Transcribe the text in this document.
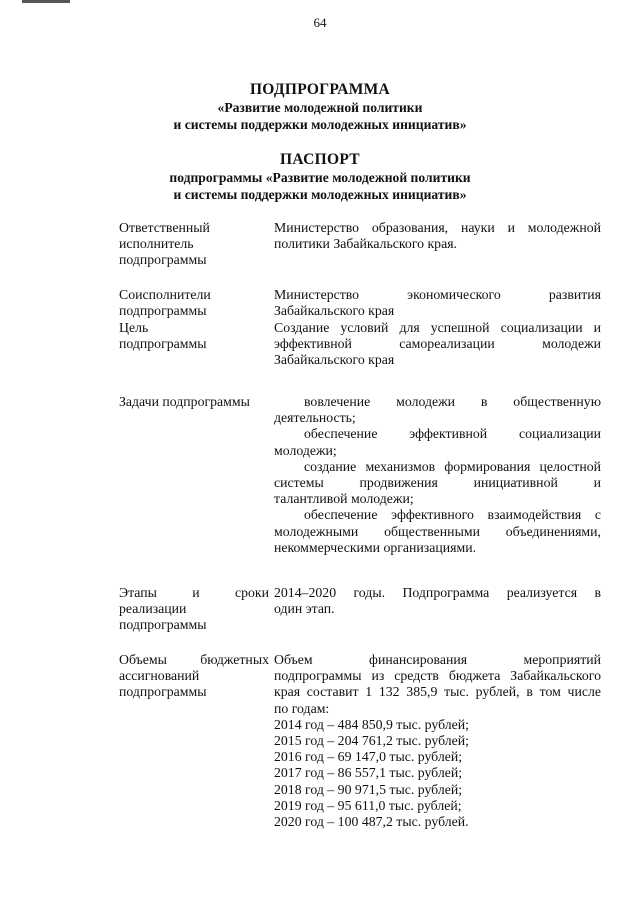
64
ПОДПРОГРАММА
«Развитие молодежной политики
и системы поддержки молодежных инициатив»
ПАСПОРТ
подпрограммы «Развитие молодежной политики
и системы поддержки молодежных инициатив»
Ответственный
исполнитель
подпрограммы
Министерство образования, науки и молодежной
политики Забайкальского края.
Соисполнители
подпрограммы
Министерство экономического развития
Забайкальского края
Цель
подпрограммы
Создание условий для успешной социализации и
эффективной самореализации молодежи
Забайкальского края
Задачи подпрограммы	вовлечение молодежи в общественную
деятельность;
обеспечение эффективной социализации
молодежи;
создание механизмов формирования целостной
системы продвижения инициативной и
талантливой молодежи;
обеспечение эффективного взаимодействия с
молодежными общественными объединениями,
некоммерческими организациями.
Этапы и сроки
реализации
подпрограммы
2014–2020 годы. Подпрограмма реализуется в
один этап.
Объемы бюджетных
ассигнований
подпрограммы
Объем финансирования мероприятий
подпрограммы из средств бюджета Забайкальского
края составит 1 132 385,9 тыс. рублей, в том числе
по годам:
2014 год – 484 850,9 тыс. рублей;
2015 год – 204 761,2 тыс. рублей;
2016 год – 69 147,0 тыс. рублей;
2017 год – 86 557,1 тыс. рублей;
2018 год – 90 971,5 тыс. рублей;
2019 год – 95 611,0 тыс. рублей;
2020 год – 100 487,2 тыс. рублей.
